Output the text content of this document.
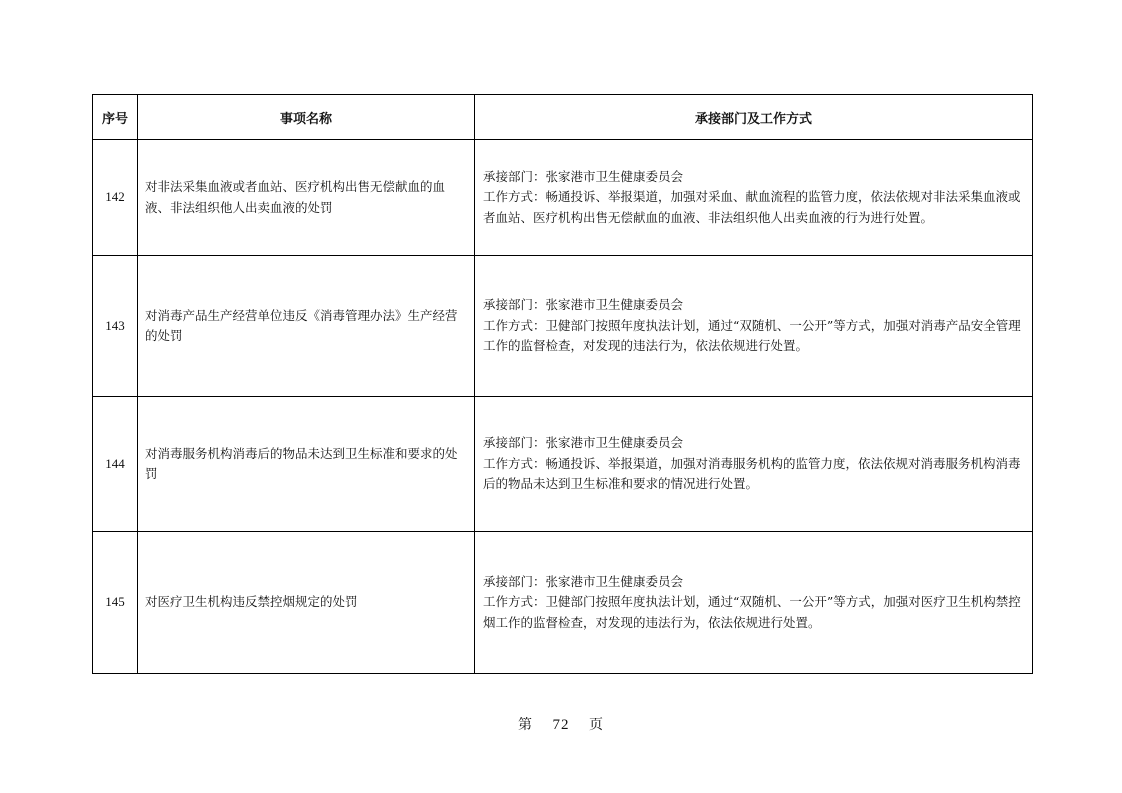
序号	事项名称	承接部门及工作方式
142	对非法采集血液或者血站、医疗机构出售无偿献血的血液、非法组织他人出卖血液的处罚	承接部门：张家港市卫生健康委员会
工作方式：畅通投诉、举报渠道，加强对采血、献血流程的监管力度，依法依规对非法采集血液或者血站、医疗机构出售无偿献血的血液、非法组织他人出卖血液的行为进行处置。

143	对消毒产品生产经营单位违反《消毒管理办法》生产经营的处罚	承接部门：张家港市卫生健康委员会
工作方式：卫健部门按照年度执法计划，通过“双随机、一公开”等方式，加强对消毒产品安全管理工作的监督检查，对发现的违法行为，依法依规进行处置。

144	对消毒服务机构消毒后的物品未达到卫生标准和要求的处罚	承接部门：张家港市卫生健康委员会
工作方式：畅通投诉、举报渠道，加强对消毒服务机构的监管力度，依法依规对消毒服务机构消毒后的物品未达到卫生标准和要求的情况进行处置。

145	对医疗卫生机构违反禁控烟规定的处罚	承接部门：张家港市卫生健康委员会
工作方式：卫健部门按照年度执法计划，通过“双随机、一公开”等方式，加强对医疗卫生机构禁控烟工作的监督检查，对发现的违法行为，依法依规进行处置。
第 72 页
